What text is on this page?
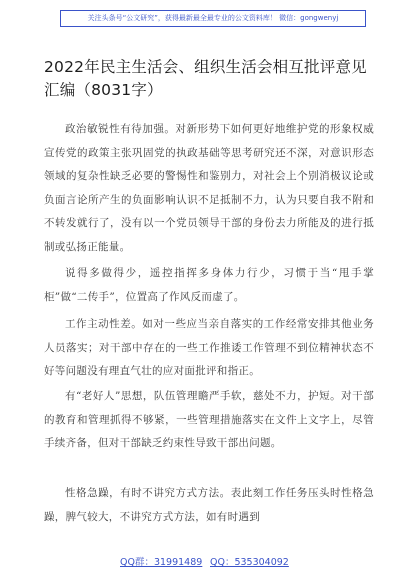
关注头条号“公文研究”，获得最新最全最专业的公文资料库！ 微信：gongwenyj
2022年民主生活会、组织生活会相互批评意见汇编（8031字）
政治敏锐性有待加强。对新形势下如何更好地维护党的形象权威宣传党的政策主张巩固党的执政基础等思考研究还不深，对意识形态领域的复杂性缺乏必要的警惕性和鉴别力，对社会上个别消极议论或负面言论所产生的负面影响认识不足抵制不力，认为只要自我不附和不转发就行了，没有以一个党员领导干部的身份去力所能及的进行抵制或弘扬正能量。
说得多做得少，遥控指挥多身体力行少，习惯于当“甩手掌柜”做“二传手”，位置高了作风反而虚了。
工作主动性差。如对一些应当亲自落实的工作经常安排其他业务人员落实；对干部中存在的一些工作推诿工作管理不到位精神状态不好等问题没有理直气壮的应对面批评和指正。
有“老好人”思想，队伍管理瞻严手软，慈处不力，护短。对干部的教育和管理抓得不够紧，一些管理措施落实在文件上文字上，尽管手续齐备，但对干部缺乏约束性导致干部出问题。
性格急躁，有时不讲究方式方法。表此刻工作任务压头时性格急躁，脾气较大，不讲究方式方法，如有时遇到
QQ群：31991489 QQ：535304092
